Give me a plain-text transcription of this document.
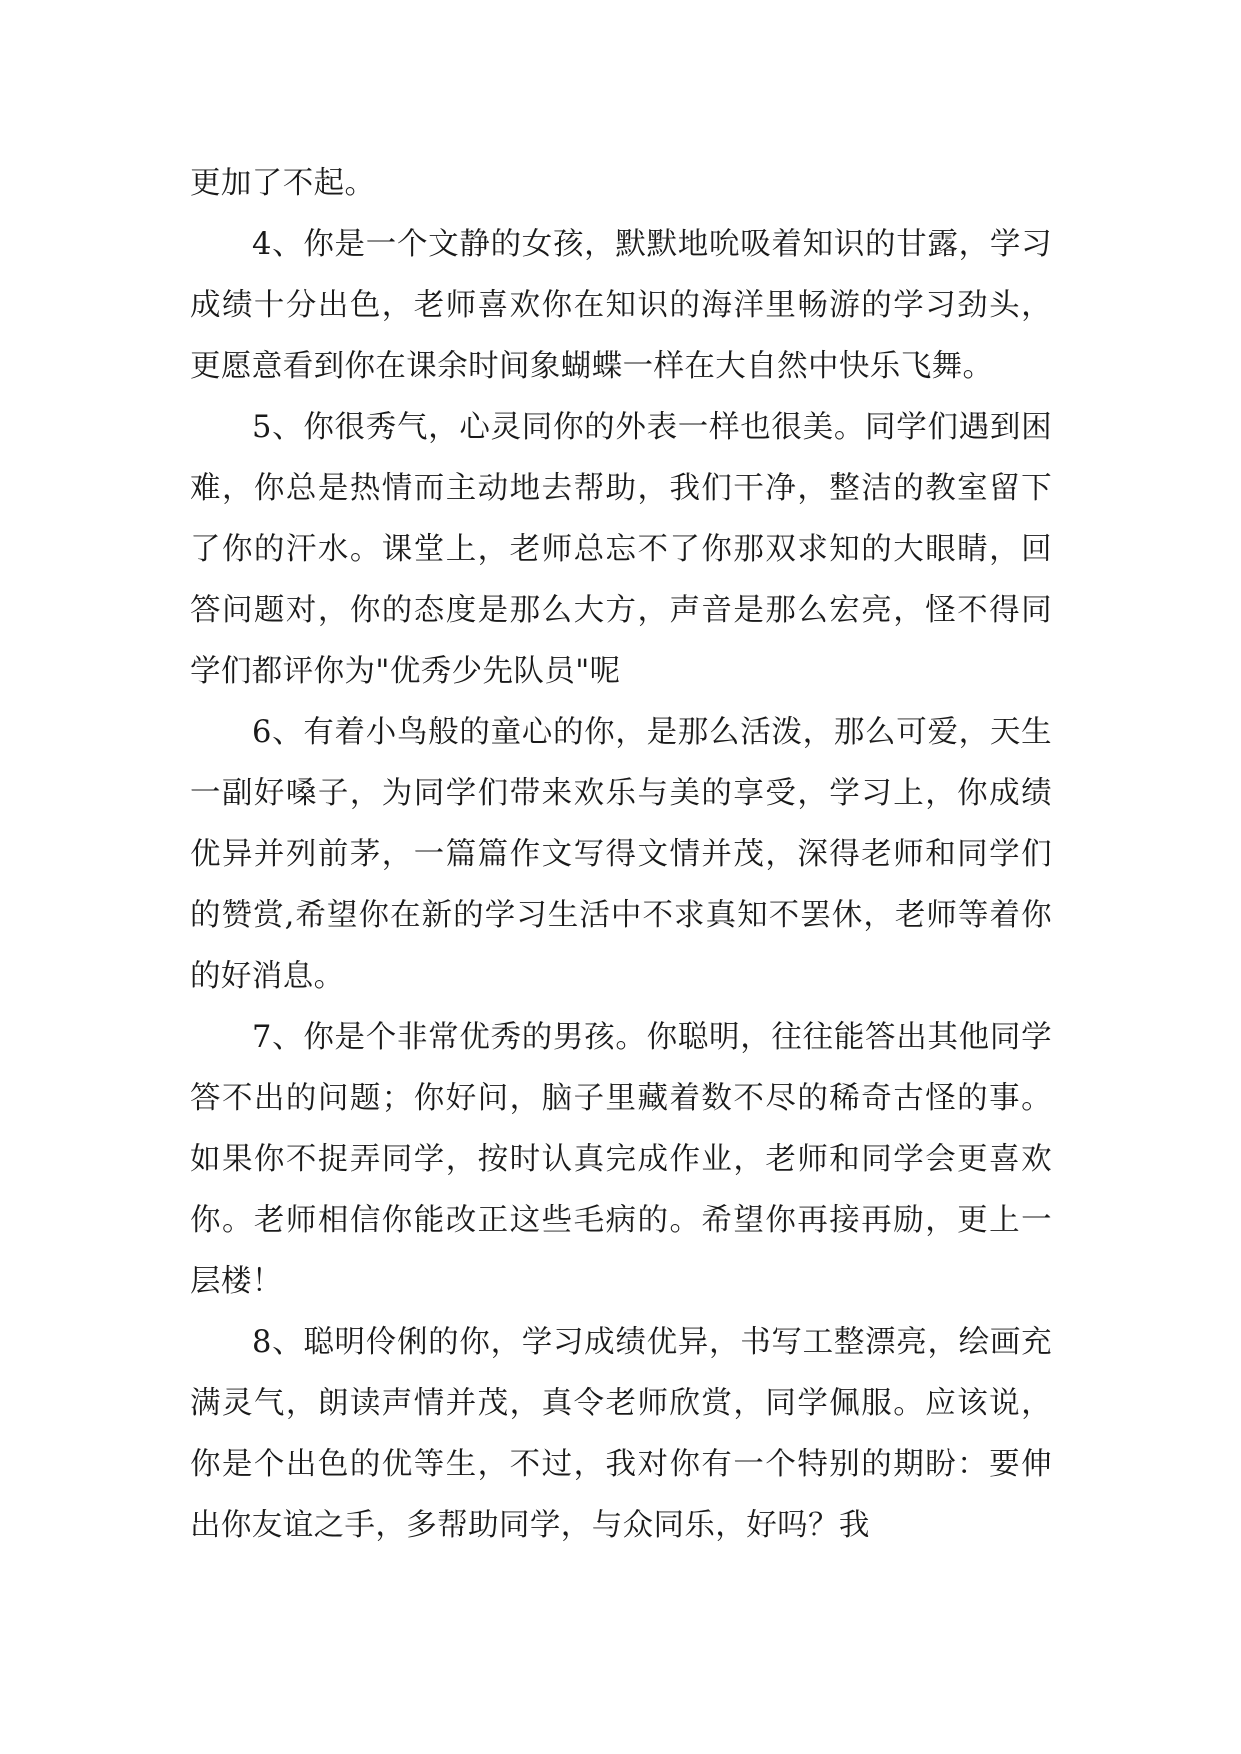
更加了不起。

4、你是一个文静的女孩，默默地吮吸着知识的甘露，学习成绩十分出色，老师喜欢你在知识的海洋里畅游的学习劲头，更愿意看到你在课余时间象蝴蝶一样在大自然中快乐飞舞。

5、你很秀气，心灵同你的外表一样也很美。同学们遇到困难，你总是热情而主动地去帮助，我们干净，整洁的教室留下了你的汗水。课堂上，老师总忘不了你那双求知的大眼睛，回答问题对，你的态度是那么大方，声音是那么宏亮，怪不得同学们都评你为"优秀少先队员"呢

6、有着小鸟般的童心的你，是那么活泼，那么可爱，天生一副好嗓子，为同学们带来欢乐与美的享受，学习上，你成绩优异并列前茅，一篇篇作文写得文情并茂，深得老师和同学们的赞赏,希望你在新的学习生活中不求真知不罢休，老师等着你的好消息。

7、你是个非常优秀的男孩。你聪明，往往能答出其他同学答不出的问题；你好问，脑子里藏着数不尽的稀奇古怪的事。如果你不捉弄同学，按时认真完成作业，老师和同学会更喜欢你。老师相信你能改正这些毛病的。希望你再接再励，更上一层楼！

8、聪明伶俐的你，学习成绩优异，书写工整漂亮，绘画充满灵气，朗读声情并茂，真令老师欣赏，同学佩服。应该说，你是个出色的优等生，不过，我对你有一个特别的期盼：要伸出你友谊之手，多帮助同学，与众同乐，好吗？我
